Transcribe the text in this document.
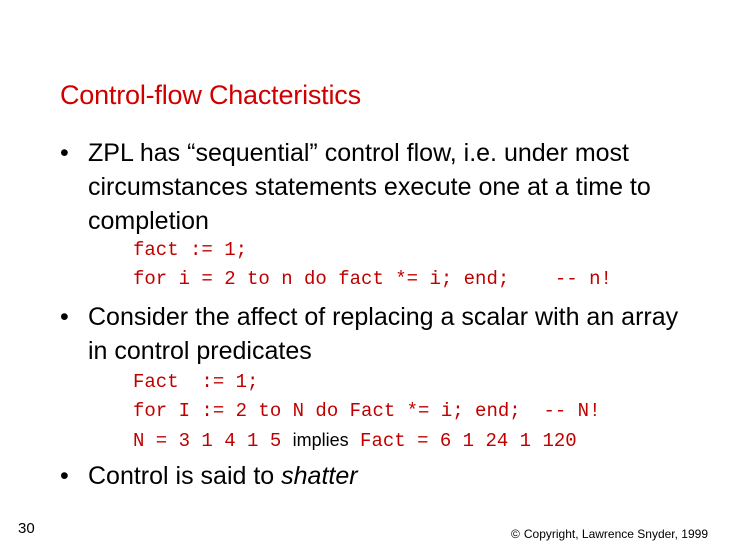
Control-flow Chacteristics
• ZPL has “sequential” control flow, i.e. under most circumstances statements execute one at a time to completion
fact := 1;
for i = 2 to n do fact *= i; end;    -- n!
• Consider the affect of replacing a scalar with an array in control predicates
Fact  := 1;
for I := 2 to N do Fact *= i; end;  -- N!
N = 3 1 4 1 5 implies Fact = 6 1 24 1 120
• Control is said to shatter
30	© Copyright, Lawrence Snyder, 1999
